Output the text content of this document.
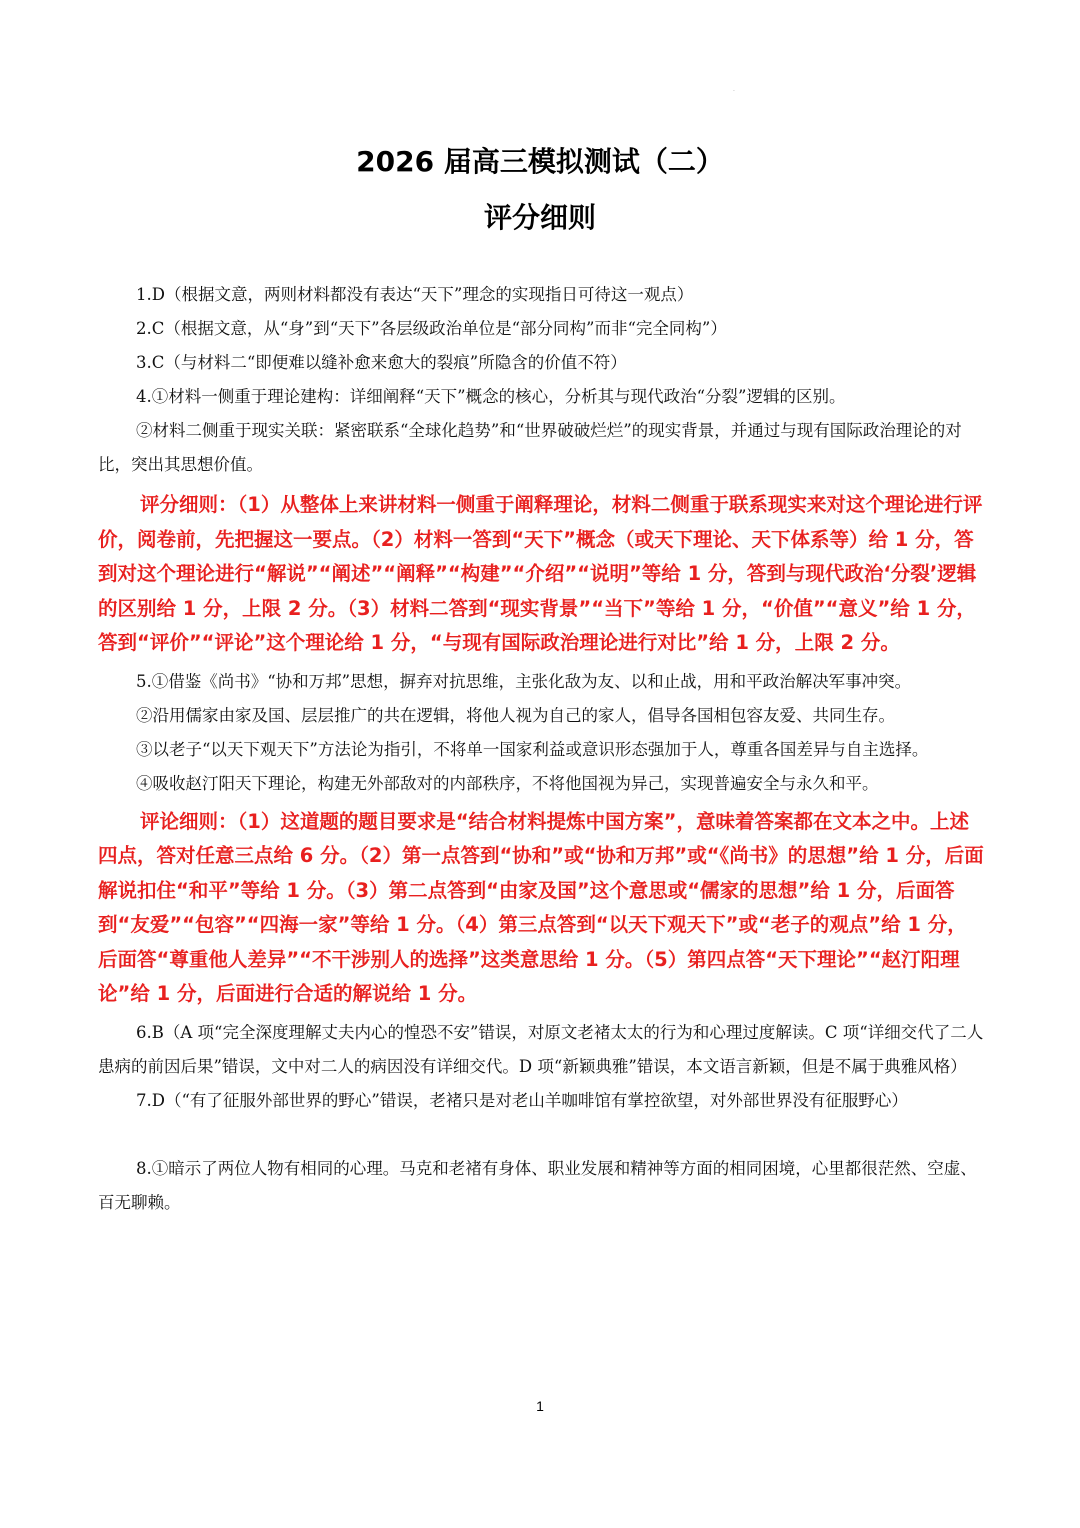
·
2026 届高三模拟测试（二）
评分细则

1.D（根据文意，两则材料都没有表达“天下”理念的实现指日可待这一观点）

2.C（根据文意，从“身”到“天下”各层级政治单位是“部分同构”而非“完全同构”）

3.C（与材料二“即便难以缝补愈来愈大的裂痕”所隐含的价值不符）

4.①材料一侧重于理论建构：详细阐释“天下”概念的核心，分析其与现代政治“分裂”逻辑的区别。

②材料二侧重于现实关联：紧密联系“全球化趋势”和“世界破破烂烂”的现实背景，并通过与现有国际政治理论的对比，突出其思想价值。

评分细则：（1）从整体上来讲材料一侧重于阐释理论，材料二侧重于联系现实来对这个理论进行评价，阅卷前，先把握这一要点。（2）材料一答到“天下”概念（或天下理论、天下体系等）给 1 分，答到对这个理论进行“解说”“阐述”“阐释”“构建”“介绍”“说明”等给 1 分，答到与现代政治‘分裂’逻辑的区别给 1 分，上限 2 分。（3）材料二答到“现实背景”“当下”等给 1 分，“价值”“意义”给 1 分，答到“评价”“评论”这个理论给 1 分，“与现有国际政治理论进行对比”给 1 分，上限 2 分。

5.①借鉴《尚书》“协和万邦”思想，摒弃对抗思维，主张化敌为友、以和止战，用和平政治解决军事冲突。

②沿用儒家由家及国、层层推广的共在逻辑，将他人视为自己的家人，倡导各国相包容友爱、共同生存。

③以老子“以天下观天下”方法论为指引，不将单一国家利益或意识形态强加于人，尊重各国差异与自主选择。

④吸收赵汀阳天下理论，构建无外部敌对的内部秩序，不将他国视为异己，实现普遍安全与永久和平。

评论细则：（1）这道题的题目要求是“结合材料提炼中国方案”，意味着答案都在文本之中。上述四点，答对任意三点给 6 分。（2）第一点答到“协和”或“协和万邦”或“《尚书》的思想”给 1 分，后面解说扣住“和平”等给 1 分。（3）第二点答到“由家及国”这个意思或“儒家的思想”给 1 分，后面答到“友爱”“包容”“四海一家”等给 1 分。（4）第三点答到“以天下观天下”或“老子的观点”给 1 分，后面答“尊重他人差异”“不干涉别人的选择”这类意思给 1 分。（5）第四点答“天下理论”“赵汀阳理论”给 1 分，后面进行合适的解说给 1 分。

6.B（A 项“完全深度理解丈夫内心的惶恐不安”错误，对原文老褚太太的行为和心理过度解读。C 项“详细交代了二人患病的前因后果”错误，文中对二人的病因没有详细交代。D 项“新颖典雅”错误，本文语言新颖，但是不属于典雅风格）

7.D（“有了征服外部世界的野心”错误，老褚只是对老山羊咖啡馆有掌控欲望，对外部世界没有征服野心）

8.①暗示了两位人物有相同的心理。马克和老褚有身体、职业发展和精神等方面的相同困境，心里都很茫然、空虚、百无聊赖。

1
